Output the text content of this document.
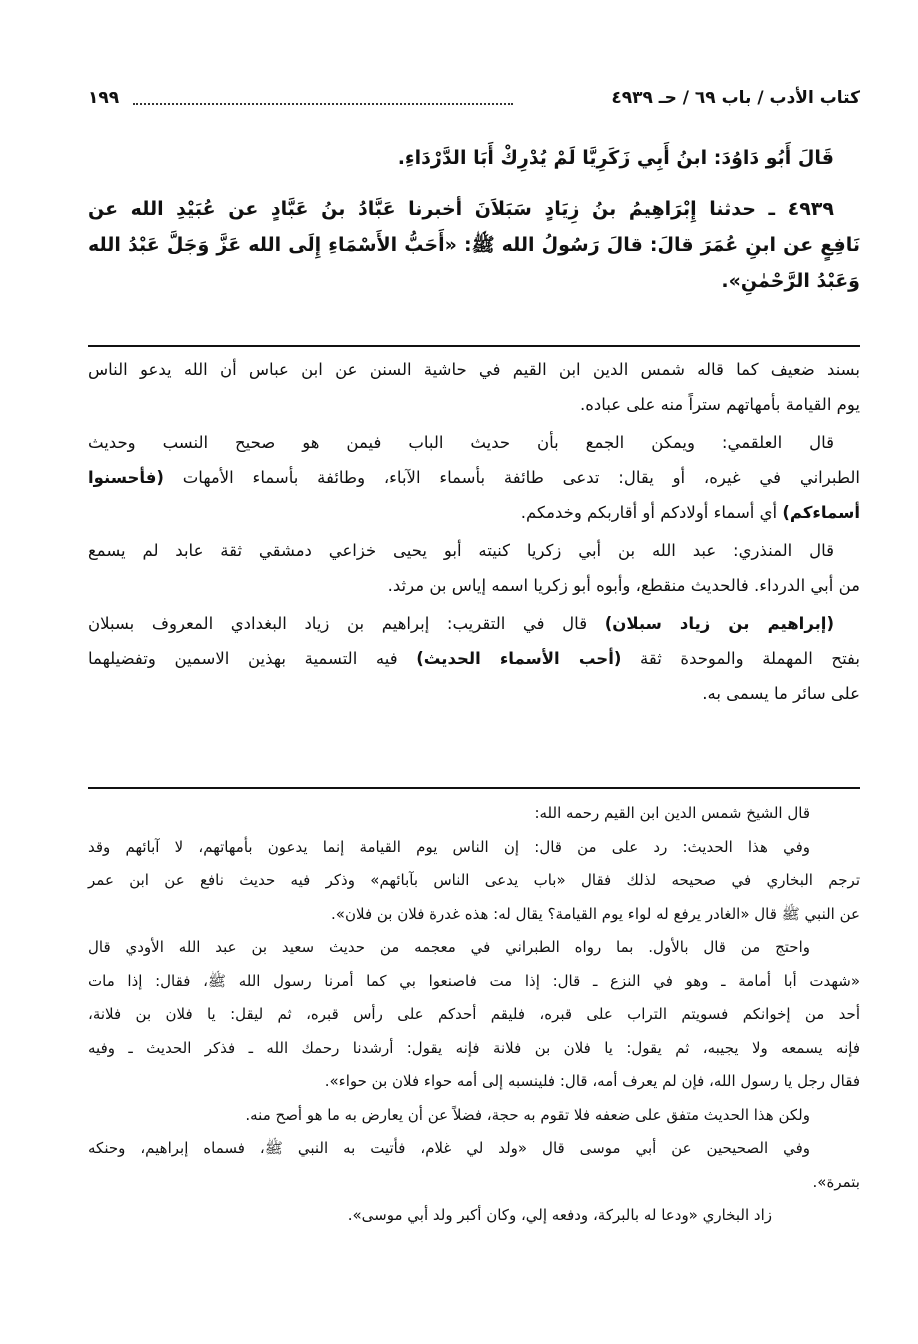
كتاب الأدب / باب ٦٩ / حـ ٤٩٣٩
١٩٩
قَالَ أَبُو دَاوُدَ: ابنُ أَبِي زَكَرِيَّا لَمْ يُدْرِكْ أَبَا الدَّرْدَاءِ.
٤٩٣٩ ـ حدثنا إِبْرَاهِيمُ بنُ زِيَادٍ سَبَلاَنَ أخبرنا عَبَّادُ بنُ عَبَّادٍ عن عُبَيْدِ الله عن
نَافِعٍ عن ابنِ عُمَرَ قالَ: قالَ رَسُولُ الله ﷺ: «أَحَبُّ الأَسْمَاءِ إِلَى الله عَزَّ وَجَلَّ عَبْدُ الله
وَعَبْدُ الرَّحْمٰنِ».
بسند ضعيف كما قاله شمس الدين ابن القيم في حاشية السنن عن ابن عباس أن الله يدعو الناس
يوم القيامة بأمهاتهم ستراً منه على عباده.
قال العلقمي: ويمكن الجمع بأن حديث الباب فيمن هو صحيح النسب وحديث
الطبراني في غيره، أو يقال: تدعى طائفة بأسماء الآباء، وطائفة بأسماء الأمهات (فأحسنوا
أسماءكم) أي أسماء أولادكم أو أقاربكم وخدمكم.
قال المنذري: عبد الله بن أبي زكريا كنيته أبو يحيى خزاعي دمشقي ثقة عابد لم يسمع
من أبي الدرداء. فالحديث منقطع، وأبوه أبو زكريا اسمه إياس بن مرثد.
(إبراهيم بن زياد سبلان) قال في التقريب: إبراهيم بن زياد البغدادي المعروف بسبلان
بفتح المهملة والموحدة ثقة (أحب الأسماء الحديث) فيه التسمية بهذين الاسمين وتفضيلهما
على سائر ما يسمى به.
قال الشيخ شمس الدين ابن القيم رحمه الله:
وفي هذا الحديث: رد على من قال: إن الناس يوم القيامة إنما يدعون بأمهاتهم، لا آبائهم وقد
ترجم البخاري في صحيحه لذلك فقال «باب يدعى الناس بآبائهم» وذكر فيه حديث نافع عن ابن عمر
عن النبي ﷺ قال «الغادر يرفع له لواء يوم القيامة؟ يقال له: هذه غدرة فلان بن فلان».
واحتج من قال بالأول. بما رواه الطبراني في معجمه من حديث سعيد بن عبد الله الأودي قال
«شهدت أبا أمامة ـ وهو في النزع ـ قال: إذا مت فاصنعوا بي كما أمرنا رسول الله ﷺ، فقال: إذا مات
أحد من إخوانكم فسويتم التراب على قبره، فليقم أحدكم على رأس قبره، ثم ليقل: يا فلان بن فلانة،
فإنه يسمعه ولا يجيبه، ثم يقول: يا فلان بن فلانة فإنه يقول: أرشدنا رحمك الله ـ فذكر الحديث ـ وفيه
فقال رجل يا رسول الله، فإن لم يعرف أمه، قال: فلينسبه إلى أمه حواء فلان بن حواء».
ولكن هذا الحديث متفق على ضعفه فلا تقوم به حجة، فضلاً عن أن يعارض به ما هو أصح منه.
وفي الصحيحين عن أبي موسى قال «ولد لي غلام، فأتيت به النبي ﷺ، فسماه إبراهيم، وحنكه
بتمرة».
زاد البخاري «ودعا له بالبركة، ودفعه إلي، وكان أكبر ولد أبي موسى».
